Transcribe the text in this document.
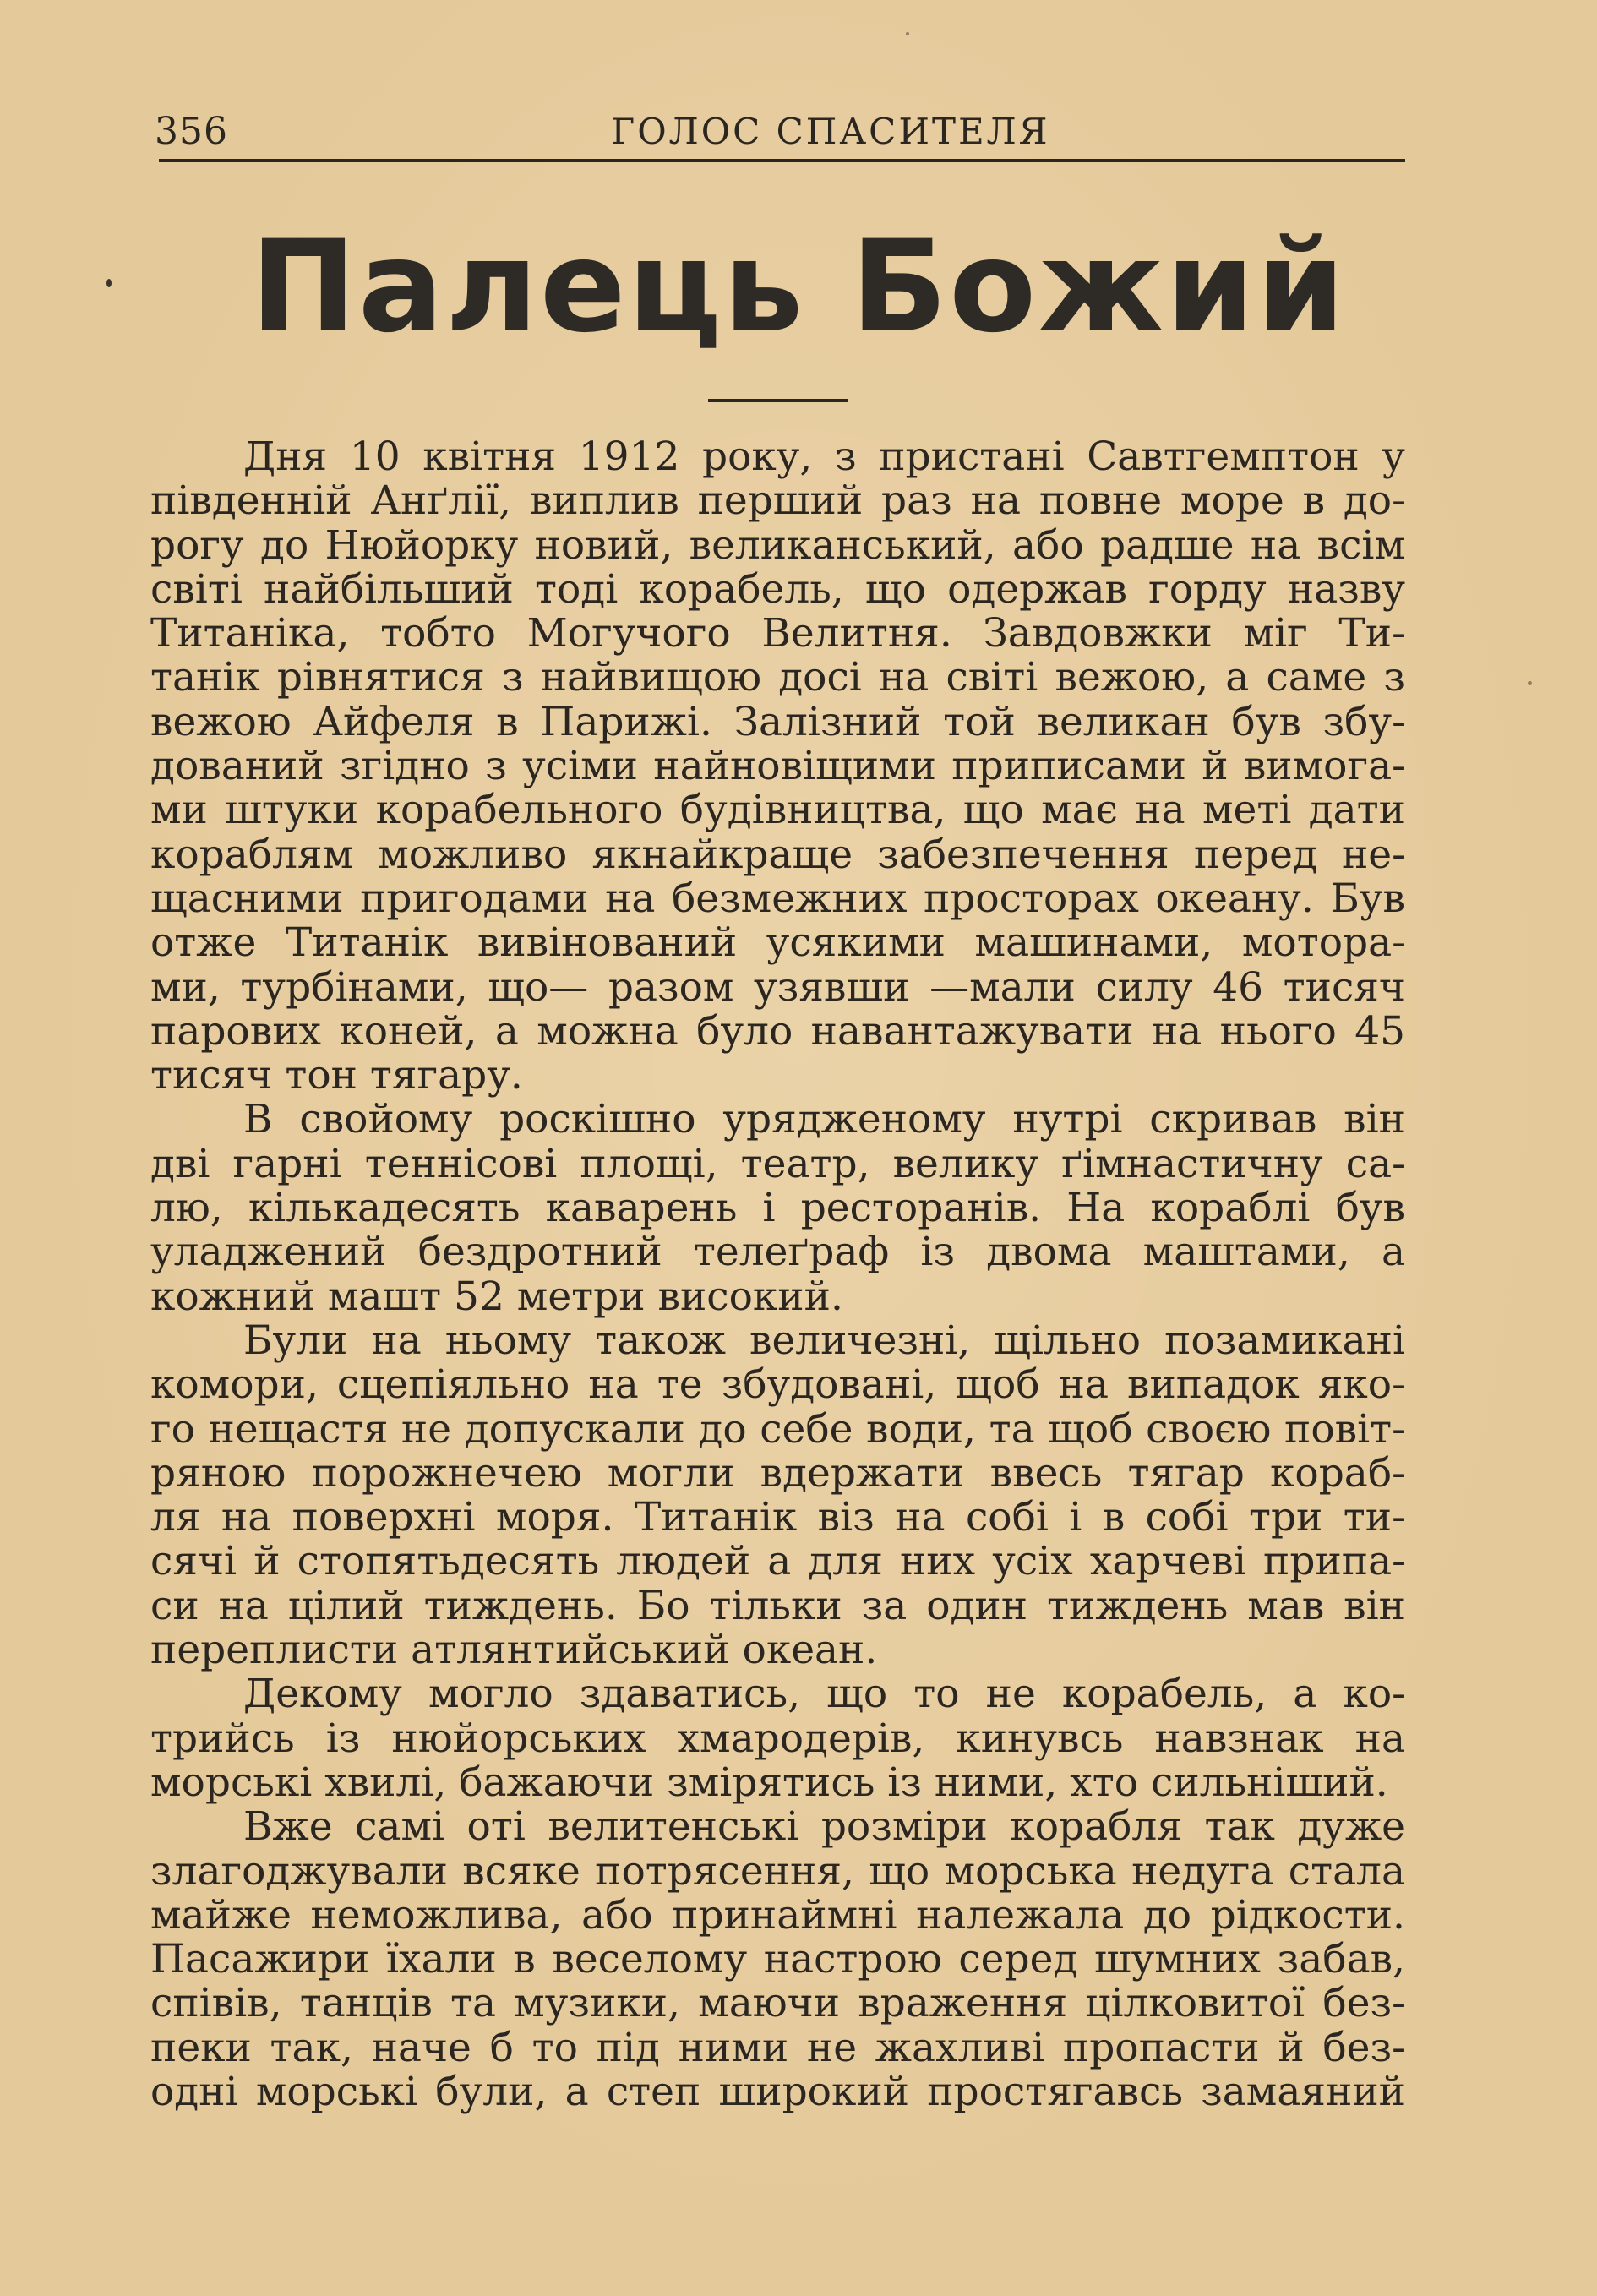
356	ГОЛОС СПАСИТЕЛЯ
Палець Божий
Дня 10 квітня 1912 року, з пристані Савтгемптон у
південній Анґлії, виплив перший раз на повне море в до-
рогу до Нюйорку новий, великанський, або радше на всім
світі найбільший тоді корабель, що одержав горду назву
Титаніка, тобто Могучого Велитня. Завдовжки міг Ти-
танік рівнятися з найвищою досі на світі вежою, а саме з
вежою Айфеля в Парижі. Залізний той великан був збу-
дований згідно з усіми найновіщими приписами й вимога-
ми штуки корабельного будівництва, що має на меті дати
кораблям можливо якнайкраще забезпечення перед не-
щасними пригодами на безмежних просторах океану. Був
отже Титанік вивінований усякими машинами, мотора-
ми, турбінами, що— разом узявши —мали силу 46 тисяч
парових коней, а можна було навантажувати на нього 45
тисяч тон тягару.
В свойому роскішно урядженому нутрі скривав він
дві гарні теннісові площі, театр, велику ґімнастичну са-
лю, кількадесять каварень і ресторанів. На кораблі був
уладжений бездротний телеґраф із двома маштами, а
кожний машт 52 метри високий.
Були на ньому також величезні, щільно позамикані
комори, сцепіяльно на те збудовані, щоб на випадок яко-
го нещастя не допускали до себе води, та щоб своєю повіт-
ряною порожнечею могли вдержати ввесь тягар кораб-
ля на поверхні моря. Титанік віз на собі і в собі три ти-
сячі й стопятьдесять людей а для них усіх харчеві припа-
си на цілий тиждень. Бо тільки за один тиждень мав він
переплисти атлянтийський океан.
Декому могло здаватись, що то не корабель, а ко-
трийсь із нюйорських хмародерів, кинувсь навзнак на
морські хвилі, бажаючи змірятись із ними, хто сильніший.
Вже самі оті велитенські розміри корабля так дуже
злагоджували всяке потрясення, що морська недуга стала
майже неможлива, або принаймні належала до рідкости.
Пасажири їхали в веселому настрою серед шумних забав,
співів, танців та музики, маючи враження цілковитої без-
пеки так, наче б то під ними не жахливі пропасти й без-
одні морські були, а степ широкий простягавсь замаяний
